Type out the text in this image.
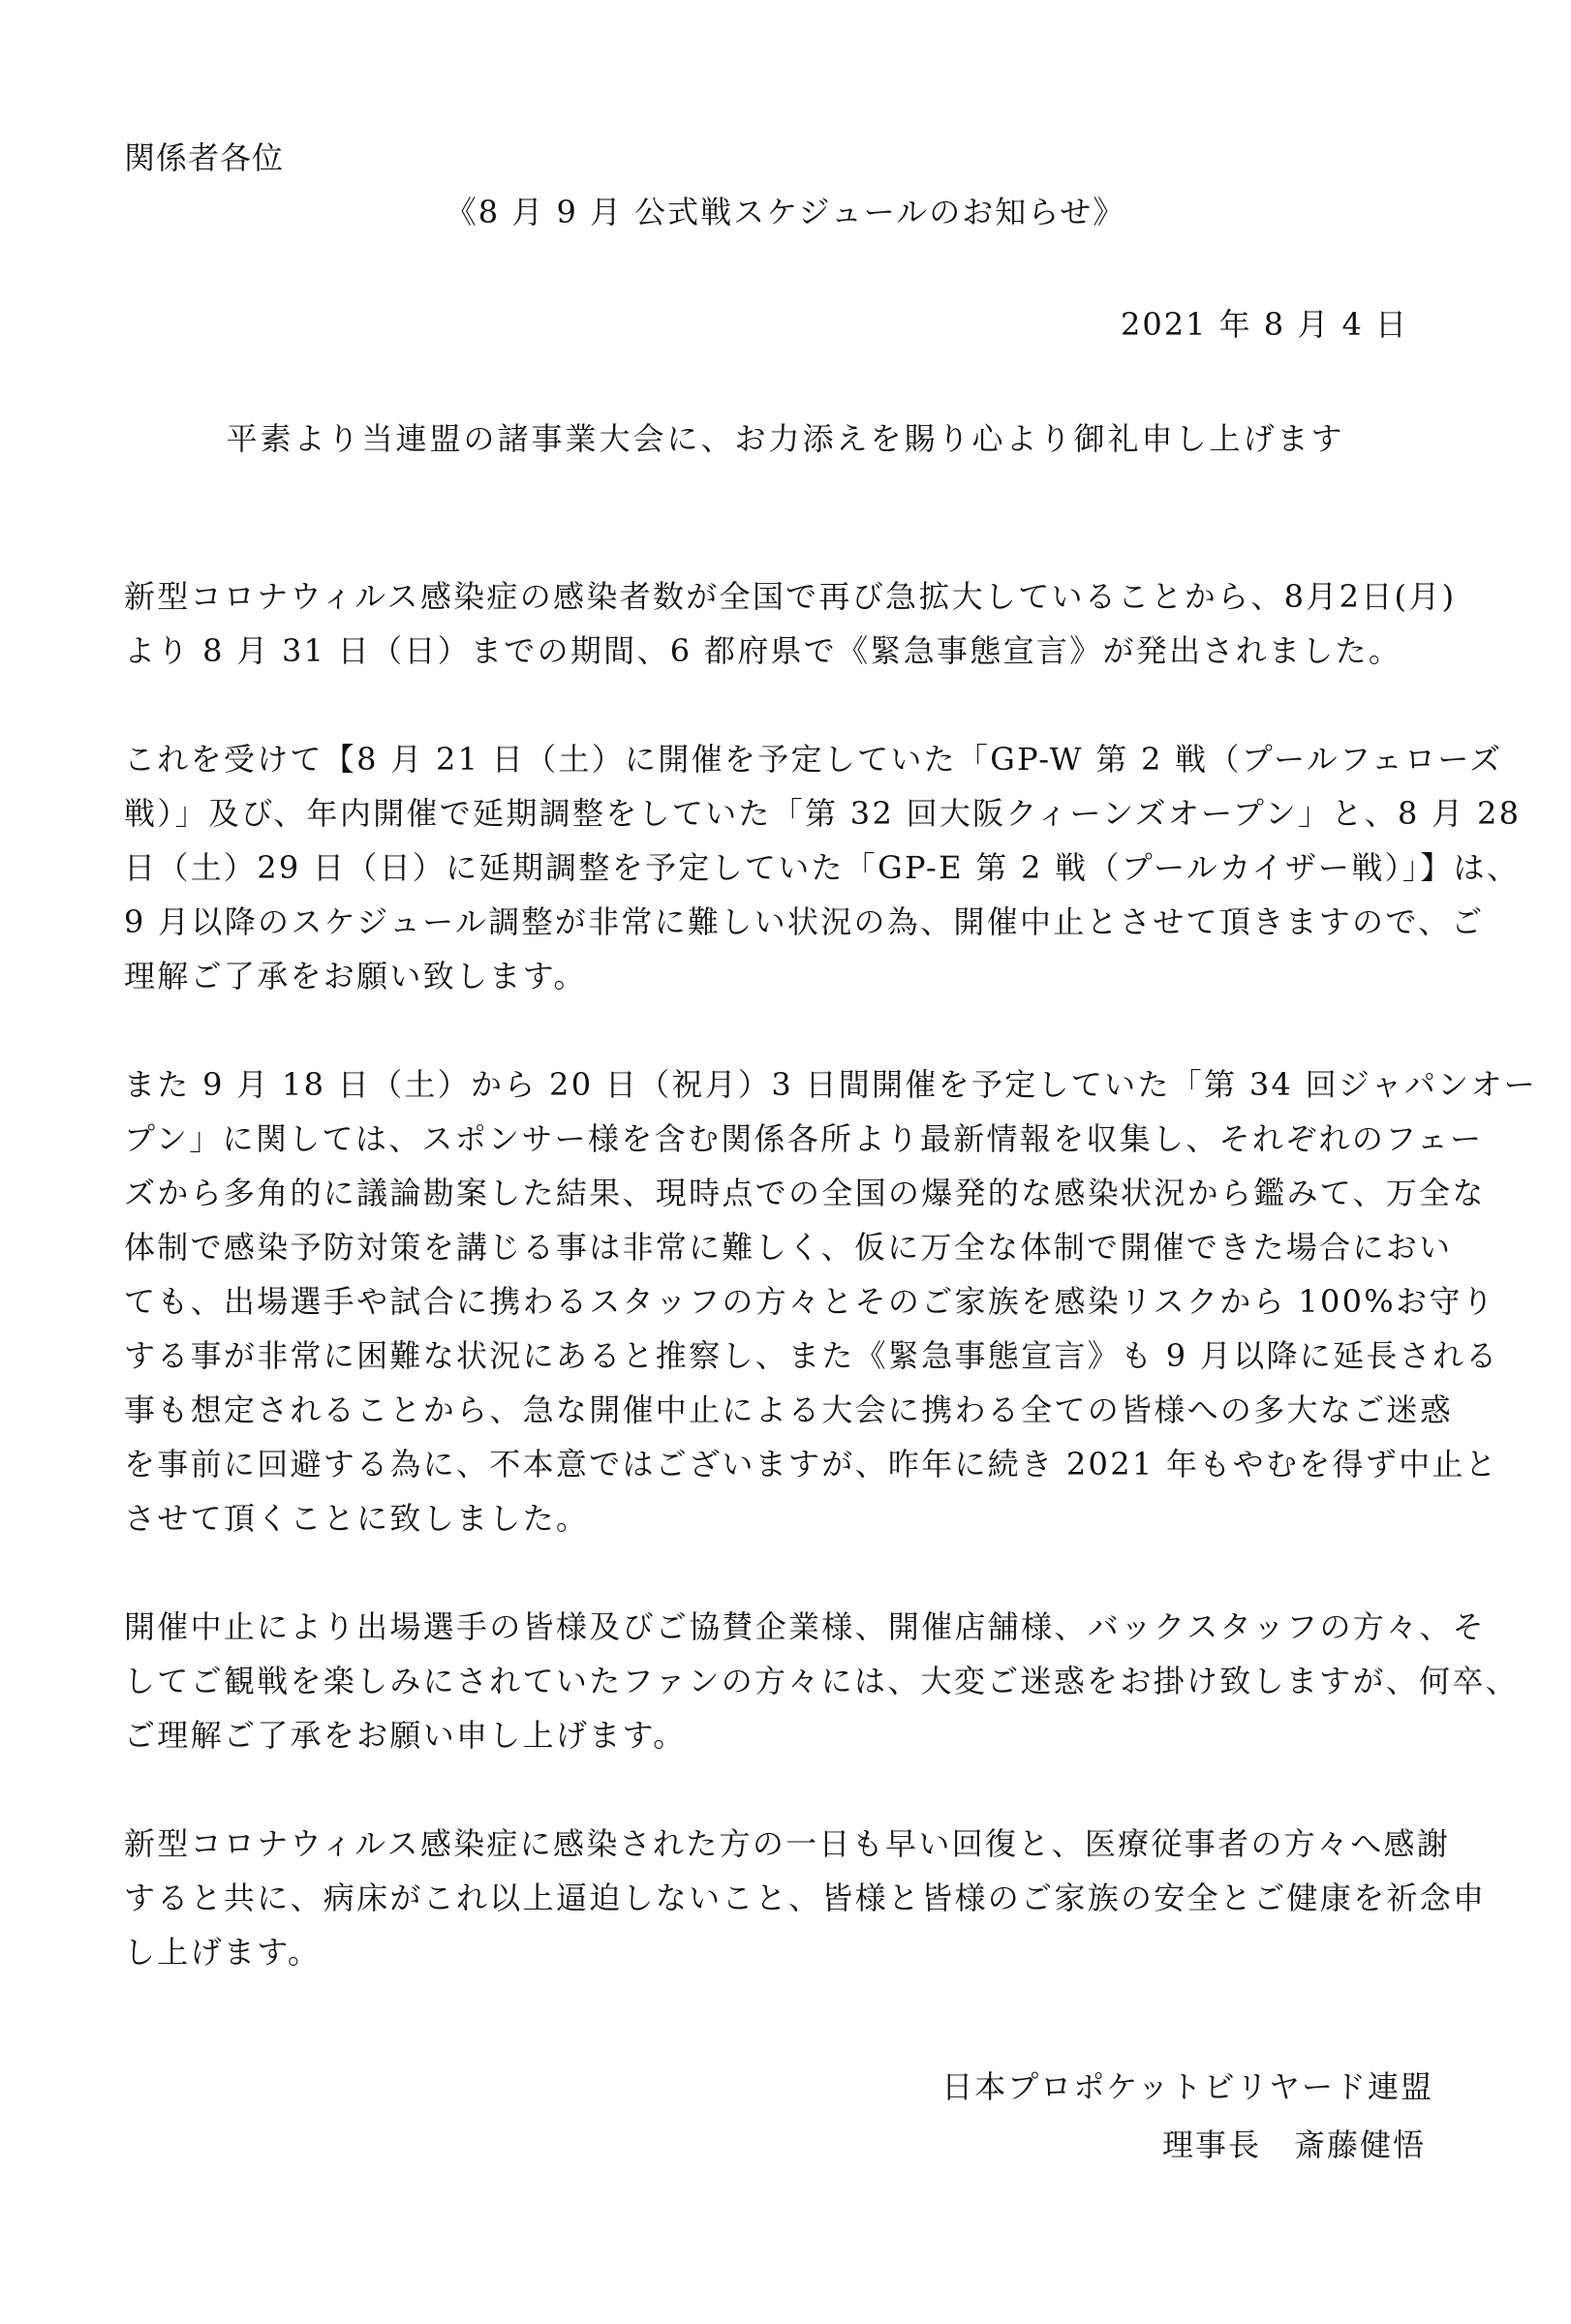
関係者各位
《8 月 9 月 公式戦スケジュールのお知らせ》
2021 年 8 月 4 日
平素より当連盟の諸事業大会に、お力添えを賜り心より御礼申し上げます
新型コロナウィルス感染症の感染者数が全国で再び急拡大していることから、8月2日(月)
より 8 月 31 日（日）までの期間、6 都府県で《緊急事態宣言》が発出されました。
これを受けて【8 月 21 日（土）に開催を予定していた「GP-W 第 2 戦（プールフェローズ
戦）」及び、年内開催で延期調整をしていた「第 32 回大阪クィーンズオープン」と、8 月 28
日（土）29 日（日）に延期調整を予定していた「GP-E 第 2 戦（プールカイザー戦）」】は、
9 月以降のスケジュール調整が非常に難しい状況の為、開催中止とさせて頂きますので、ご
理解ご了承をお願い致します。
また 9 月 18 日（土）から 20 日（祝月）3 日間開催を予定していた「第 34 回ジャパンオー
プン」に関しては、スポンサー様を含む関係各所より最新情報を収集し、それぞれのフェー
ズから多角的に議論勘案した結果、現時点での全国の爆発的な感染状況から鑑みて、万全な
体制で感染予防対策を講じる事は非常に難しく、仮に万全な体制で開催できた場合におい
ても、出場選手や試合に携わるスタッフの方々とそのご家族を感染リスクから 100%お守り
する事が非常に困難な状況にあると推察し、また《緊急事態宣言》も 9 月以降に延長される
事も想定されることから、急な開催中止による大会に携わる全ての皆様への多大なご迷惑
を事前に回避する為に、不本意ではございますが、昨年に続き 2021 年もやむを得ず中止と
させて頂くことに致しました。
開催中止により出場選手の皆様及びご協賛企業様、開催店舗様、バックスタッフの方々、そ
してご観戦を楽しみにされていたファンの方々には、大変ご迷惑をお掛け致しますが、何卒、
ご理解ご了承をお願い申し上げます。
新型コロナウィルス感染症に感染された方の一日も早い回復と、医療従事者の方々へ感謝
すると共に、病床がこれ以上逼迫しないこと、皆様と皆様のご家族の安全とご健康を祈念申
し上げます。
日本プロポケットビリヤード連盟
理事長　斎藤健悟
